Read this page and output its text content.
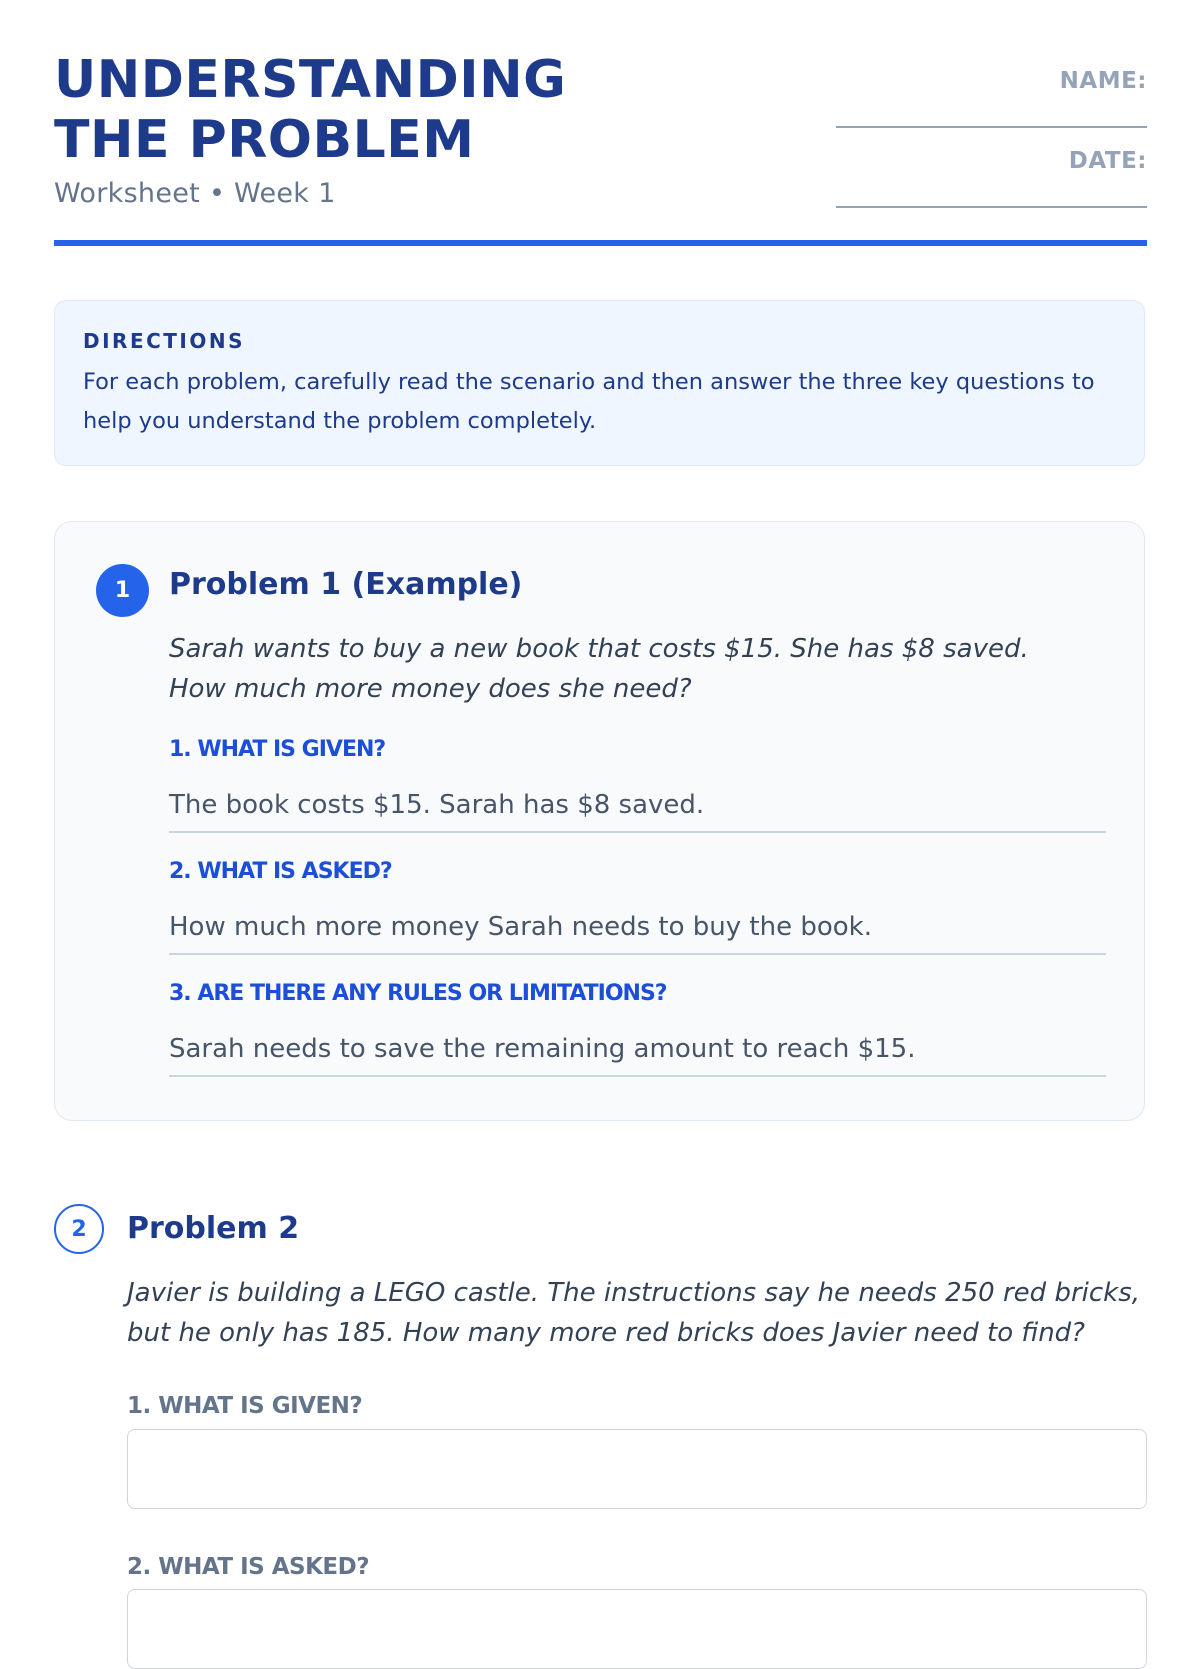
UNDERSTANDING THE PROBLEM
Worksheet • Week 1
NAME:
DATE:
DIRECTIONS
For each problem, carefully read the scenario and then answer the three key questions to help you understand the problem completely.
1	Problem 1 (Example)
Sarah wants to buy a new book that costs $15. She has $8 saved. How much more money does she need?
1. WHAT IS GIVEN?
The book costs $15. Sarah has $8 saved.
2. WHAT IS ASKED?
How much more money Sarah needs to buy the book.
3. ARE THERE ANY RULES OR LIMITATIONS?
Sarah needs to save the remaining amount to reach $15.
2	Problem 2
Javier is building a LEGO castle. The instructions say he needs 250 red bricks, but he only has 185. How many more red bricks does Javier need to find?
1. WHAT IS GIVEN?
2. WHAT IS ASKED?
